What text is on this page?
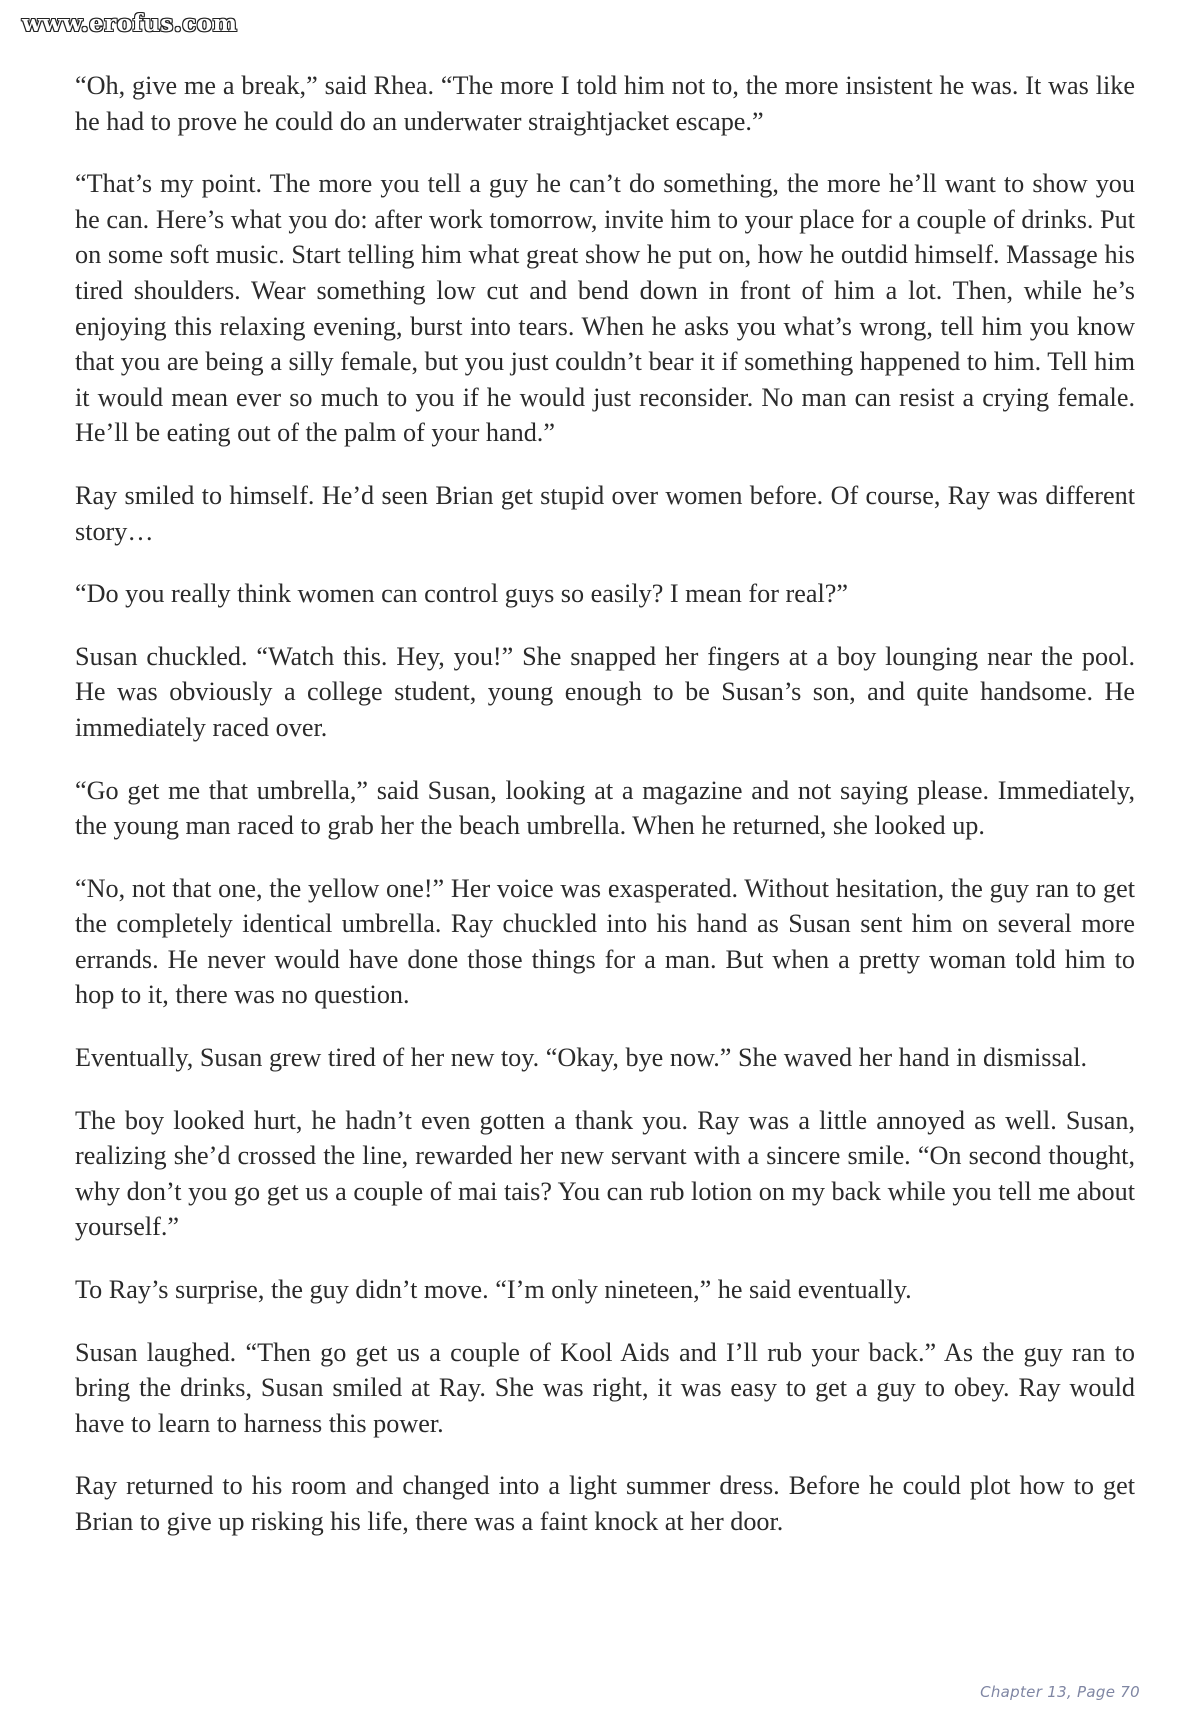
www.erofus.com

“Oh, give me a break,” said Rhea. “The more I told him not to, the more insistent he was. It was like he had to prove he could do an underwater straightjacket escape.”

“That’s my point. The more you tell a guy he can’t do something, the more he’ll want to show you he can. Here’s what you do: after work tomorrow, invite him to your place for a couple of drinks. Put on some soft music. Start telling him what great show he put on, how he outdid himself. Massage his tired shoulders. Wear something low cut and bend down in front of him a lot. Then, while he’s enjoying this relaxing evening, burst into tears. When he asks you what’s wrong, tell him you know that you are being a silly female, but you just couldn’t bear it if something happened to him. Tell him it would mean ever so much to you if he would just reconsider. No man can resist a crying female. He’ll be eating out of the palm of your hand.”

Ray smiled to himself. He’d seen Brian get stupid over women before. Of course, Ray was different story…

“Do you really think women can control guys so easily? I mean for real?”

Susan chuckled. “Watch this. Hey, you!” She snapped her fingers at a boy lounging near the pool. He was obviously a college student, young enough to be Susan’s son, and quite handsome. He immediately raced over.

“Go get me that umbrella,” said Susan, looking at a magazine and not saying please. Immediately, the young man raced to grab her the beach umbrella. When he returned, she looked up.

“No, not that one, the yellow one!” Her voice was exasperated. Without hesitation, the guy ran to get the completely identical umbrella. Ray chuckled into his hand as Susan sent him on several more errands. He never would have done those things for a man. But when a pretty woman told him to hop to it, there was no question.

Eventually, Susan grew tired of her new toy. “Okay, bye now.” She waved her hand in dismissal.

The boy looked hurt, he hadn’t even gotten a thank you. Ray was a little annoyed as well. Susan, realizing she’d crossed the line, rewarded her new servant with a sincere smile. “On second thought, why don’t you go get us a couple of mai tais? You can rub lotion on my back while you tell me about yourself.”

To Ray’s surprise, the guy didn’t move. “I’m only nineteen,” he said eventually.

Susan laughed. “Then go get us a couple of Kool Aids and I’ll rub your back.” As the guy ran to bring the drinks, Susan smiled at Ray. She was right, it was easy to get a guy to obey. Ray would have to learn to harness this power.

Ray returned to his room and changed into a light summer dress. Before he could plot how to get Brian to give up risking his life, there was a faint knock at her door.

Chapter 13, Page 70
